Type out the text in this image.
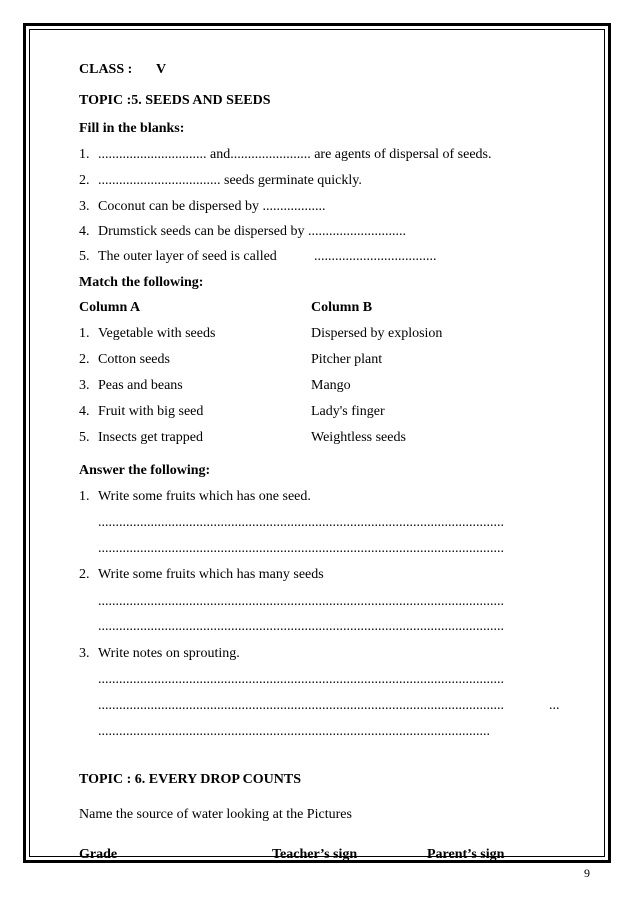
CLASS : V
TOPIC :5. SEEDS AND SEEDS
Fill in the blanks:
1. ............................... and....................... are agents of dispersal of seeds.
2. ................................... seeds germinate quickly.
3. Coconut can be dispersed by ..................
4. Drumstick seeds can be dispersed by ............................
5. The outer layer of seed is called	...................................
Match the following:
Column A	Column B
1. Vegetable with seeds	Dispersed by explosion
2. Cotton seeds	Pitcher plant
3. Peas and beans	Mango
4. Fruit with big seed	Lady's finger
5. Insects get trapped	Weightless seeds
Answer the following:
1. Write some fruits which has one seed.
....................................................................................................................
....................................................................................................................
2. Write some fruits which has many seeds
....................................................................................................................
....................................................................................................................
3. Write notes on sprouting.
....................................................................................................................
....................................................................................................................	...
................................................................................................................
TOPIC : 6. EVERY DROP COUNTS
Name the source of water looking at the Pictures
Grade	Teacher’s sign	Parent’s sign
9
